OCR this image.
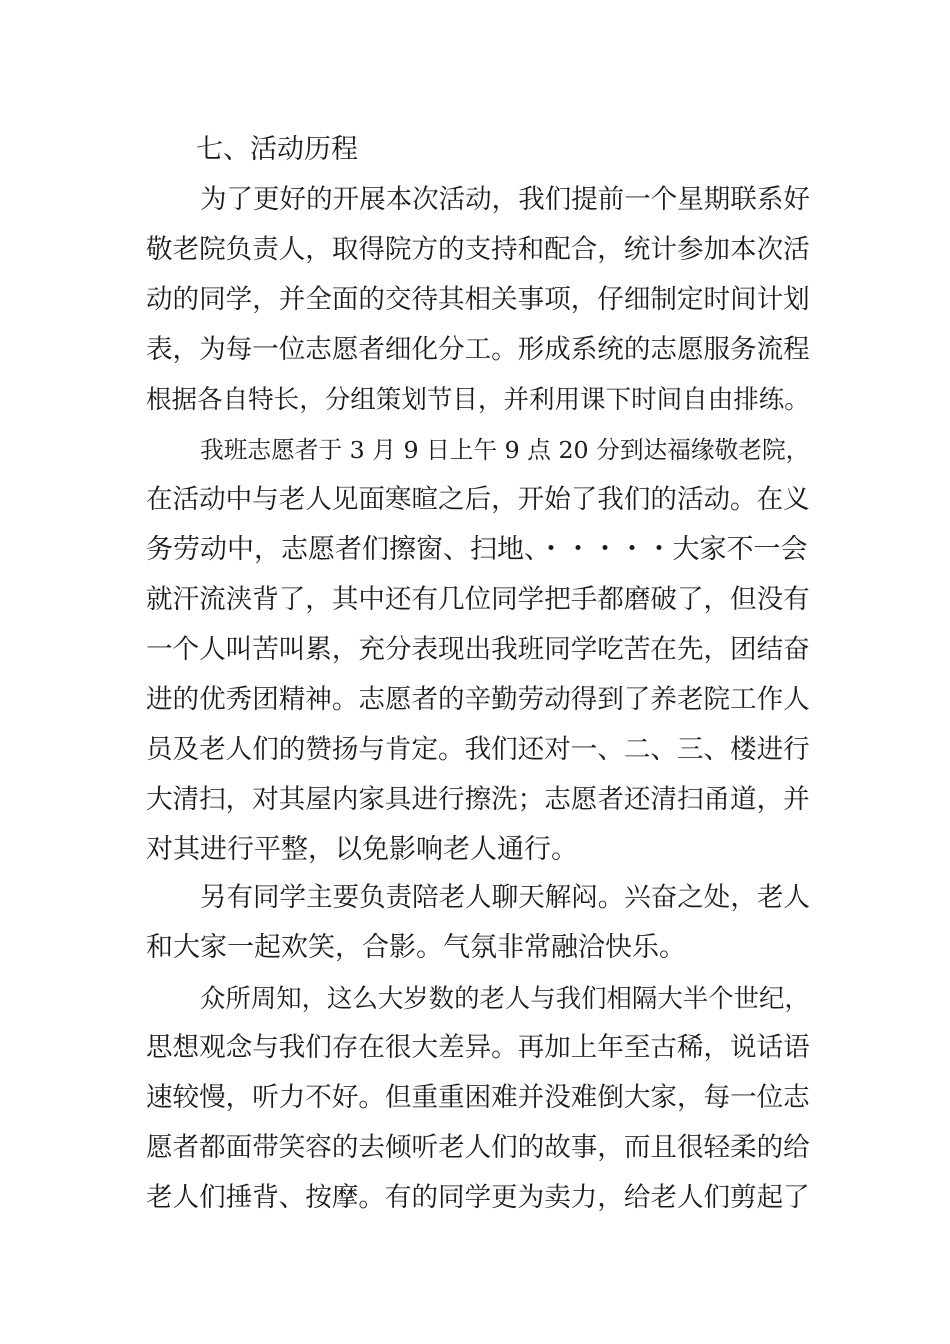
七、活动历程
为了更好的开展本次活动，我们提前一个星期联系好
敬老院负责人，取得院方的支持和配合，统计参加本次活
动的同学，并全面的交待其相关事项，仔细制定时间计划
表，为每一位志愿者细化分工。形成系统的志愿服务流程
根据各自特长，分组策划节目，并利用课下时间自由排练。
我班志愿者于 3 月 9 日上午 9 点 20 分到达福缘敬老院，
在活动中与老人见面寒暄之后，开始了我们的活动。在义
务劳动中，志愿者们擦窗、扫地、・・・・・大家不一会
就汗流浃背了，其中还有几位同学把手都磨破了，但没有
一个人叫苦叫累，充分表现出我班同学吃苦在先，团结奋
进的优秀团精神。志愿者的辛勤劳动得到了养老院工作人
员及老人们的赞扬与肯定。我们还对一、二、三、楼进行
大清扫，对其屋内家具进行擦洗；志愿者还清扫甬道，并
对其进行平整，以免影响老人通行。
另有同学主要负责陪老人聊天解闷。兴奋之处，老人
和大家一起欢笑，合影。气氛非常融洽快乐。
众所周知，这么大岁数的老人与我们相隔大半个世纪，
思想观念与我们存在很大差异。再加上年至古稀，说话语
速较慢，听力不好。但重重困难并没难倒大家，每一位志
愿者都面带笑容的去倾听老人们的故事，而且很轻柔的给
老人们捶背、按摩。有的同学更为卖力，给老人们剪起了
